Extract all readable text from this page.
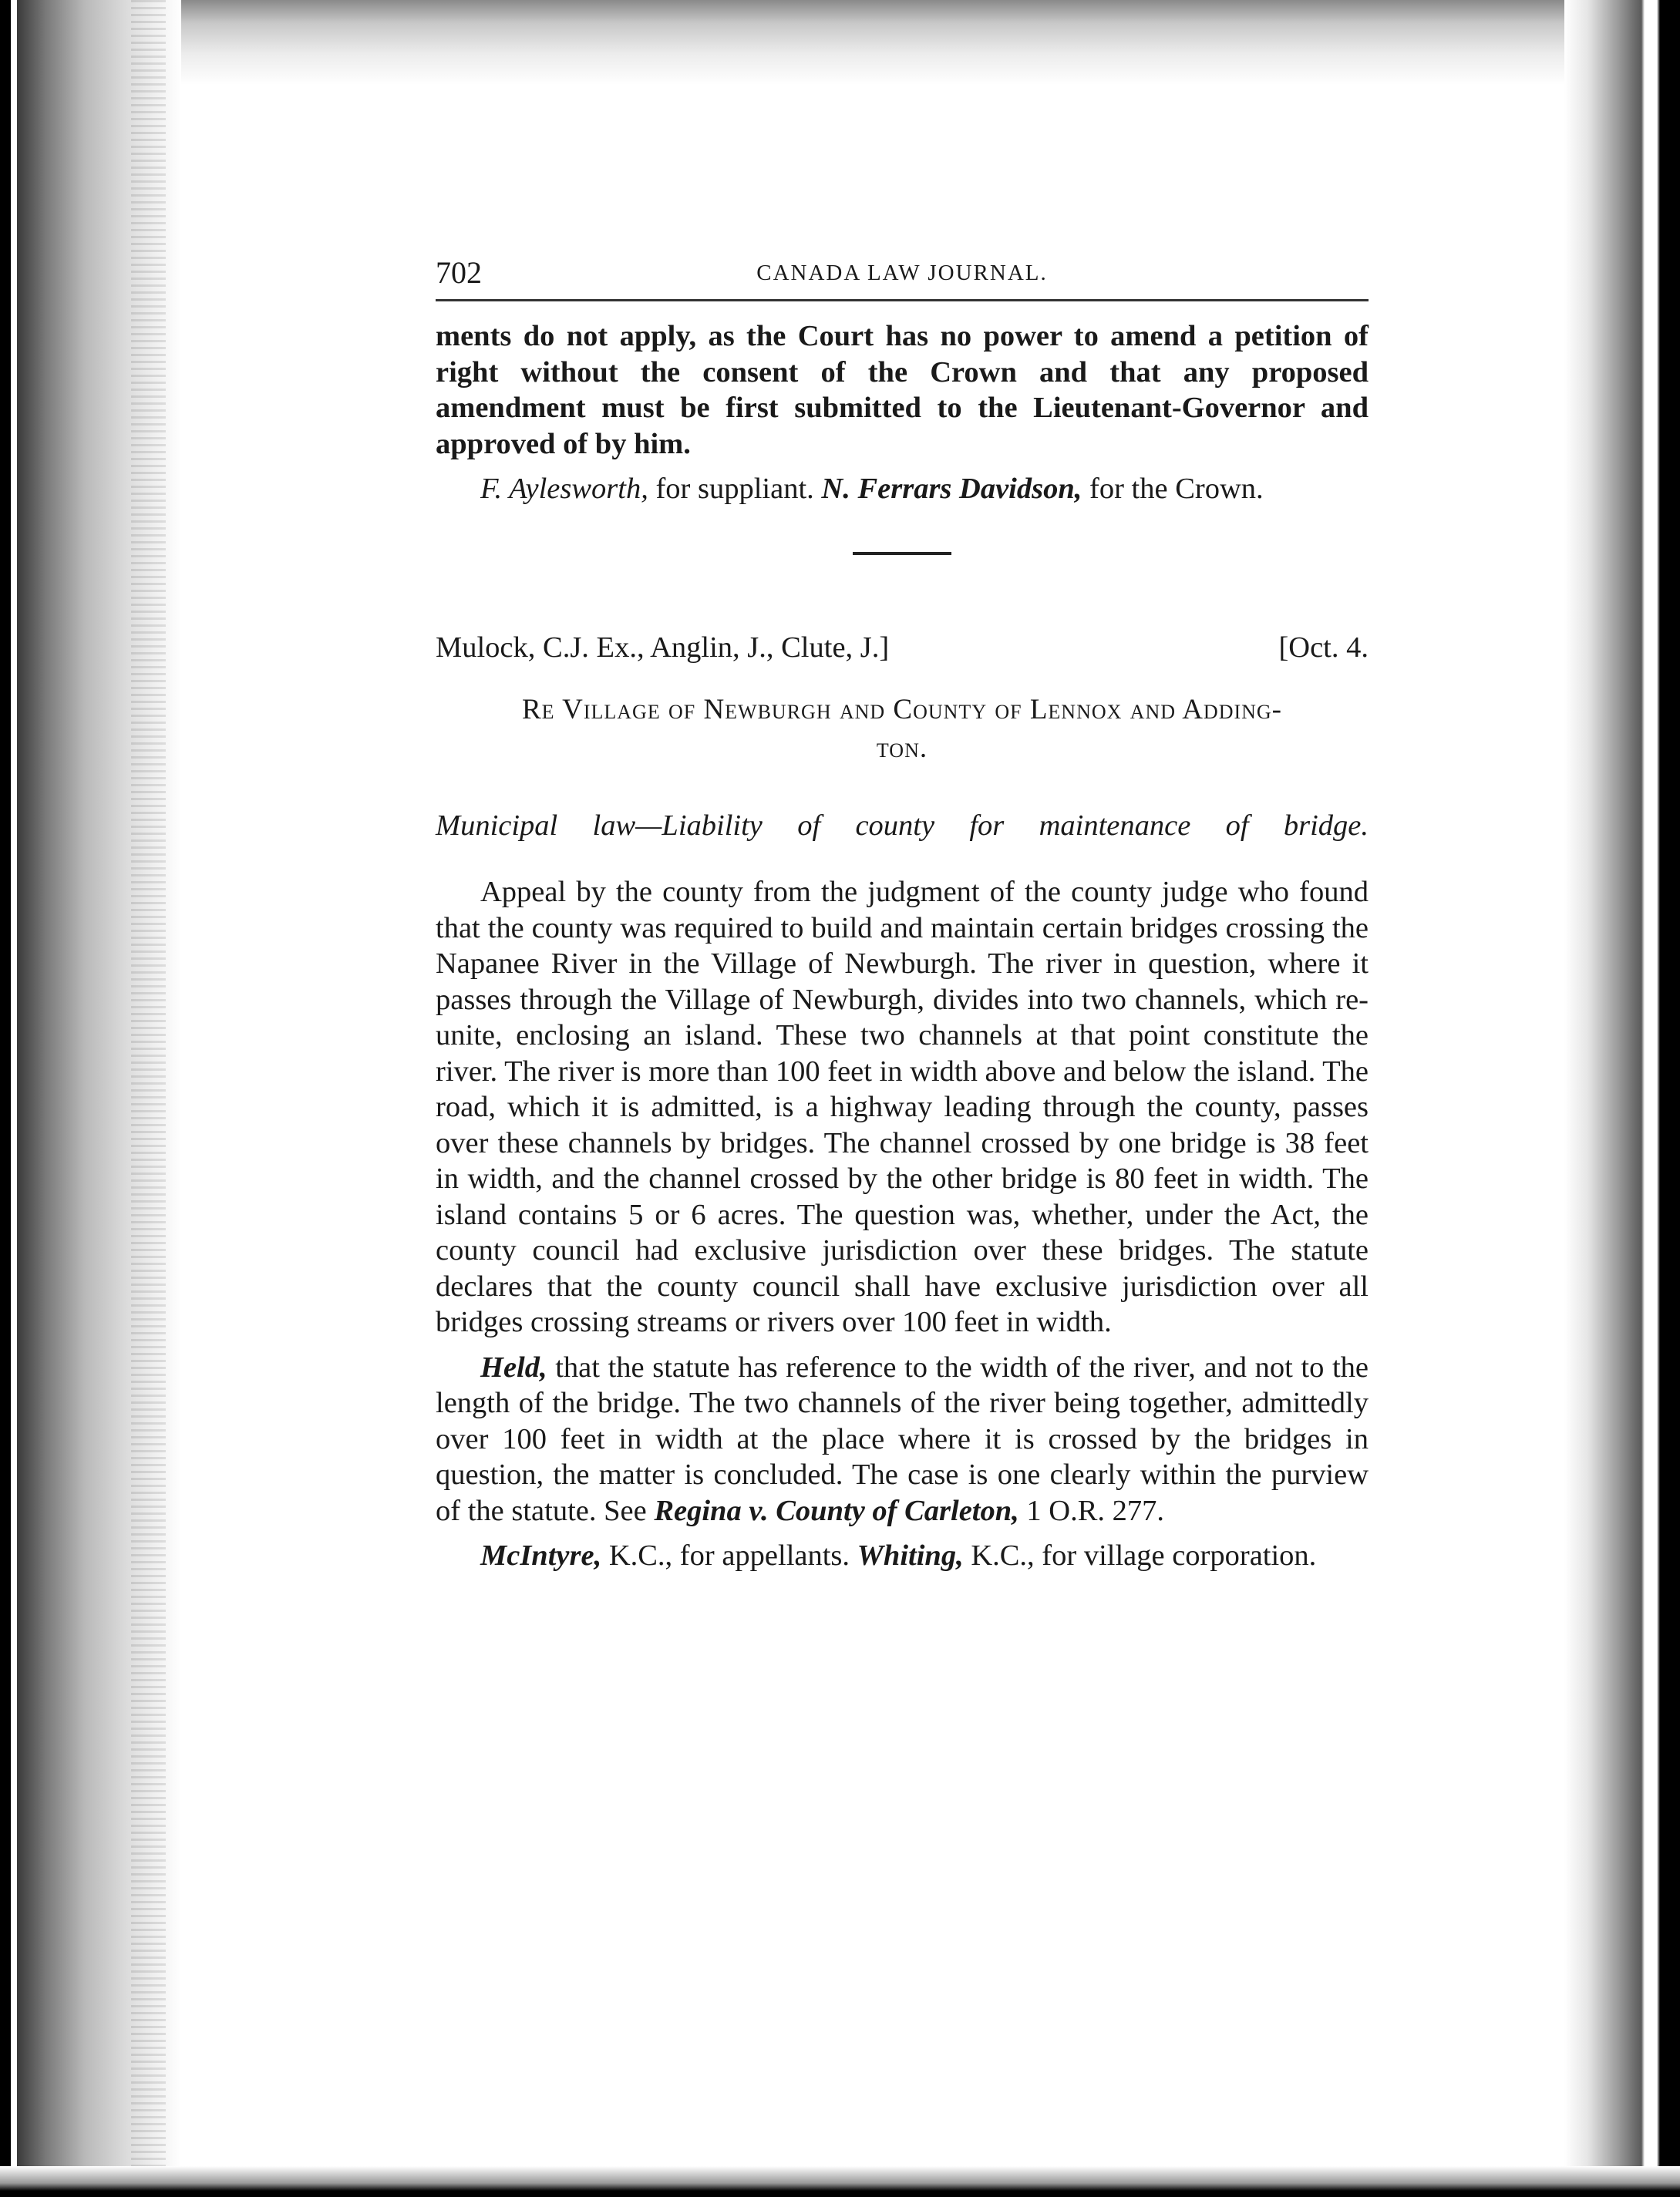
702	CANADA LAW JOURNAL.

ments do not apply, as the Court has no power to amend a petition of right without the consent of the Crown and that any proposed amendment must be first submitted to the Lieutenant-Governor and approved of by him.

F. Aylesworth, for suppliant. N. Ferrars Davidson, for the Crown.

Mulock, C.J. Ex., Anglin, J., Clute, J.]	[Oct. 4.
Re Village of Newburgh and County of Lennox and Adding-
ton.

Municipal law—Liability of county for maintenance of bridge.

Appeal by the county from the judgment of the county judge who found that the county was required to build and maintain certain bridges crossing the Napanee River in the Village of Newburgh. The river in question, where it passes through the Village of Newburgh, divides into two channels, which re-unite, enclosing an island. These two channels at that point constitute the river. The river is more than 100 feet in width above and below the island. The road, which it is admitted, is a highway leading through the county, passes over these channels by bridges. The channel crossed by one bridge is 38 feet in width, and the channel crossed by the other bridge is 80 feet in width. The island contains 5 or 6 acres. The question was, whether, under the Act, the county council had exclusive jurisdiction over these bridges. The statute declares that the county council shall have exclusive jurisdiction over all bridges crossing streams or rivers over 100 feet in width.

Held, that the statute has reference to the width of the river, and not to the length of the bridge. The two channels of the river being together, admittedly over 100 feet in width at the place where it is crossed by the bridges in question, the matter is concluded. The case is one clearly within the purview of the statute. See Regina v. County of Carleton, 1 O.R. 277.

McIntyre, K.C., for appellants. Whiting, K.C., for village corporation.
